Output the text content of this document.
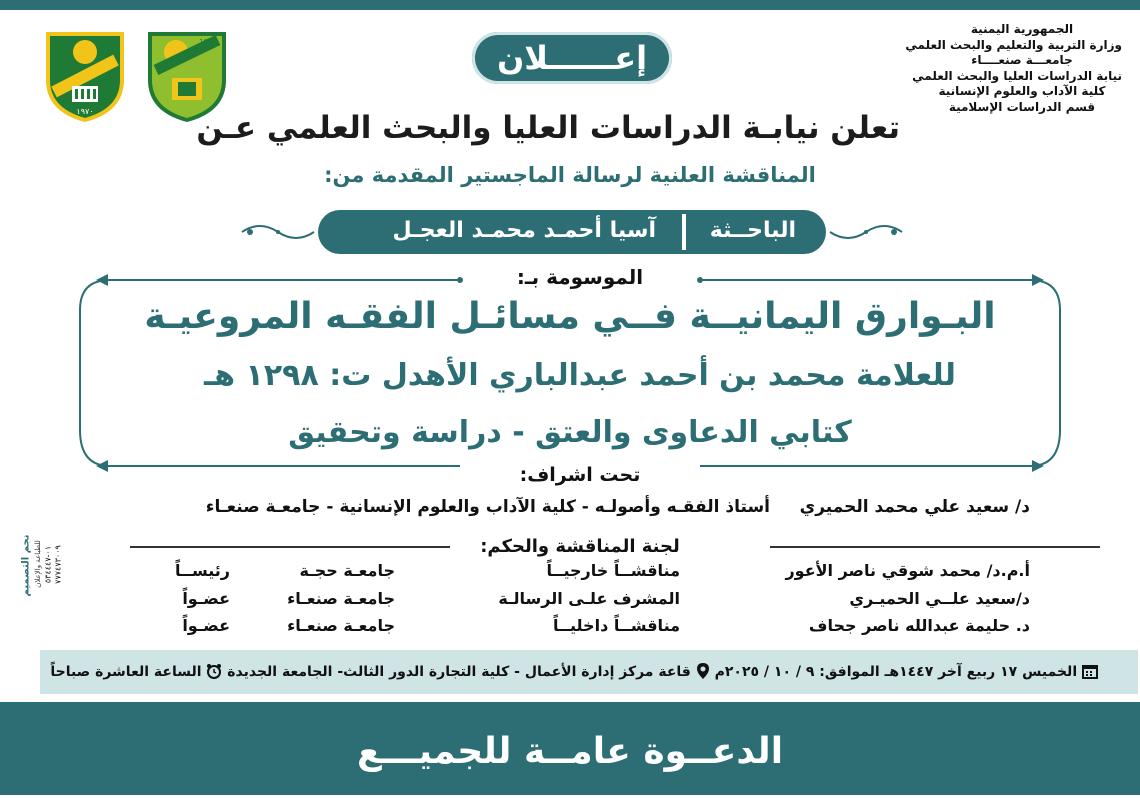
الجمهورية اليمنية
وزارة التربية والتعليم والبحث العلمي
جامعـــة صنعــــاء
نيابة الدراسات العليا والبحث العلمي
كلية الآداب والعلوم الإنسانية
قسم الدراسات الإسلامية
١٩٧٠
1970	إعــــــلان
تعلن نيابـة الدراسات العليا والبحث العلمي عـن
المناقشة العلنية لرسالة الماجستير المقدمة من:
الباحــثة
آسيا أحمـد محمـد العجـل
الموسومة بـ:
البـوارق اليمانيــة فــي مسائـل الفقـه المروعيـة
للعلامة محمد بن أحمد عبدالباري الأهدل ت: ١٢٩٨ هـ
كتابي الدعاوى والعتق - دراسة وتحقيق
تحت اشراف:
د/ سعيد علي محمد الحميري
أستاذ الفقـه وأصولـه - كلية الآداب والعلوم الإنسانية - جامعـة صنعـاء
لجنة المناقشة والحكم:
أ.م.د/ محمد شوقي ناصر الأعور
مناقشــاً خارجيــاً
جامعـة حجـة
رئيســاً
د/سعيد علــي الحميـري
المشرف علـى الرسالـة
جامعـة صنعـاء
عضـواً
د. حليمة عبدالله ناصر جحاف
مناقشــاً داخليــاً
جامعـة صنعـاء
عضـواً
نجم التصميم للطباعة والإعلان ٠١-٥٣٤٤٤٧ ٧٧٧٤٧٣٠٠٩
الخميس ١٧ ربيع آخر ١٤٤٧هـ الموافق: ٩ / ١٠ / ٢٠٢٥م  قاعة مركز إدارة الأعمال - كلية التجارة الدور الثالث- الجامعة الجديدة  الساعة العاشرة صباحاً
الدعــوة عامــة للجميـــع
